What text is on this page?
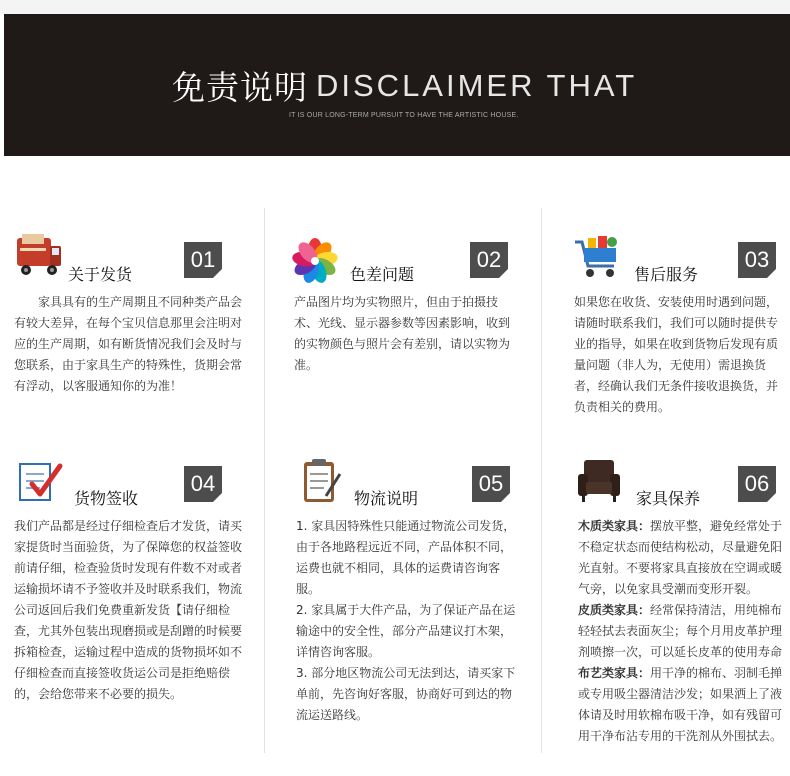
免责说明 DISCLAIMER THAT
IT IS OUR LONG-TERM PURSUIT TO HAVE THE ARTISTIC HOUSE.
关于发货
01
家具具有的生产周期且不同种类产品会有较大差异，在每个宝贝信息那里会注明对应的生产周期，如有断货情况我们会及时与您联系，由于家具生产的特殊性，货期会常有浮动，以客服通知你的为准！
色差问题
02
产品图片均为实物照片，但由于拍摄技术、光线、显示器参数等因素影响，收到的实物颜色与照片会有差别，请以实物为准。
售后服务
03
如果您在收货、安装使用时遇到问题，请随时联系我们，我们可以随时提供专业的指导，如果在收到货物后发现有质量问题（非人为，无使用）需退换货者，经确认我们无条件接收退换货，并负责相关的费用。
货物签收
04
我们产品都是经过仔细检查后才发货，请买家提货时当面验货，为了保障您的权益签收前请仔细，检查验货时发现有件数不对或者运输损坏请不予签收并及时联系我们，物流公司返回后我们免费重新发货【请仔细检查，尤其外包装出现磨损或是刮蹭的时候要拆箱检查，运输过程中造成的货物损坏如不仔细检查而直接签收货运公司是拒绝赔偿的，会给您带来不必要的损失。
物流说明
05

1. 家具因特殊性只能通过物流公司发货，由于各地路程远近不同，产品体积不同，运费也就不相同，具体的运费请咨询客服。

2. 家具属于大件产品，为了保证产品在运输途中的安全性，部分产品建议打木架，详情咨询客服。

3. 部分地区物流公司无法到达，请买家下单前，先咨询好客服，协商好可到达的物流运送路线。

家具保养
06

木质类家具：摆放平整，避免经常处于不稳定状态而使结构松动，尽量避免阳光直射。不要将家具直接放在空调或暖气旁，以免家具受潮而变形开裂。

皮质类家具：经常保持清洁，用纯棉布轻轻拭去表面灰尘；每个月用皮革护理剂喷擦一次，可以延长皮革的使用寿命

布艺类家具：用干净的棉布、羽制毛掸或专用吸尘器清洁沙发；如果洒上了液体请及时用软棉布吸干净，如有残留可用干净布沾专用的干洗剂从外围拭去。
